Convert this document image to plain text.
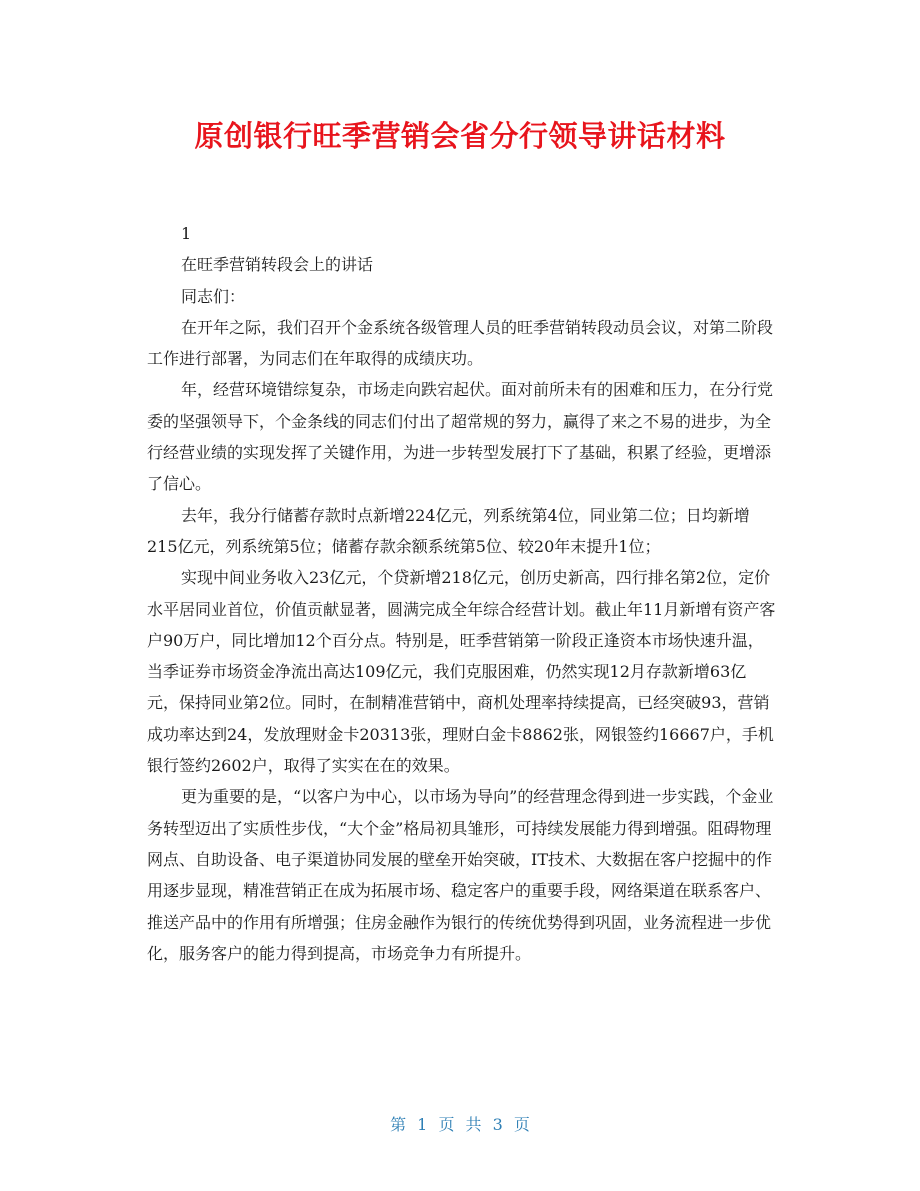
原创银行旺季营销会省分行领导讲话材料

1

在旺季营销转段会上的讲话

同志们：

在开年之际，我们召开个金系统各级管理人员的旺季营销转段动员会议，对第二阶段工作进行部署，为同志们在年取得的成绩庆功。

年，经营环境错综复杂，市场走向跌宕起伏。面对前所未有的困难和压力，在分行党委的坚强领导下，个金条线的同志们付出了超常规的努力，赢得了来之不易的进步，为全行经营业绩的实现发挥了关键作用，为进一步转型发展打下了基础，积累了经验，更增添了信心。

去年，我分行储蓄存款时点新增224亿元，列系统第4位，同业第二位；日均新增215亿元，列系统第5位；储蓄存款余额系统第5位、较20年末提升1位；

实现中间业务收入23亿元，个贷新增218亿元，创历史新高，四行排名第2位，定价水平居同业首位，价值贡献显著，圆满完成全年综合经营计划。截止年11月新增有资产客户90万户，同比增加12个百分点。特别是，旺季营销第一阶段正逢资本市场快速升温，当季证券市场资金净流出高达109亿元，我们克服困难，仍然实现12月存款新增63亿元，保持同业第2位。同时，在制精准营销中，商机处理率持续提高，已经突破93，营销成功率达到24，发放理财金卡20313张，理财白金卡8862张，网银签约16667户，手机银行签约2602户，取得了实实在在的效果。

更为重要的是，“以客户为中心，以市场为导向”的经营理念得到进一步实践，个金业务转型迈出了实质性步伐，“大个金”格局初具雏形，可持续发展能力得到增强。阻碍物理网点、自助设备、电子渠道协同发展的壁垒开始突破，IT技术、大数据在客户挖掘中的作用逐步显现，精准营销正在成为拓展市场、稳定客户的重要手段，网络渠道在联系客户、推送产品中的作用有所增强；住房金融作为银行的传统优势得到巩固，业务流程进一步优化，服务客户的能力得到提高，市场竞争力有所提升。

第 1 页 共 3 页
